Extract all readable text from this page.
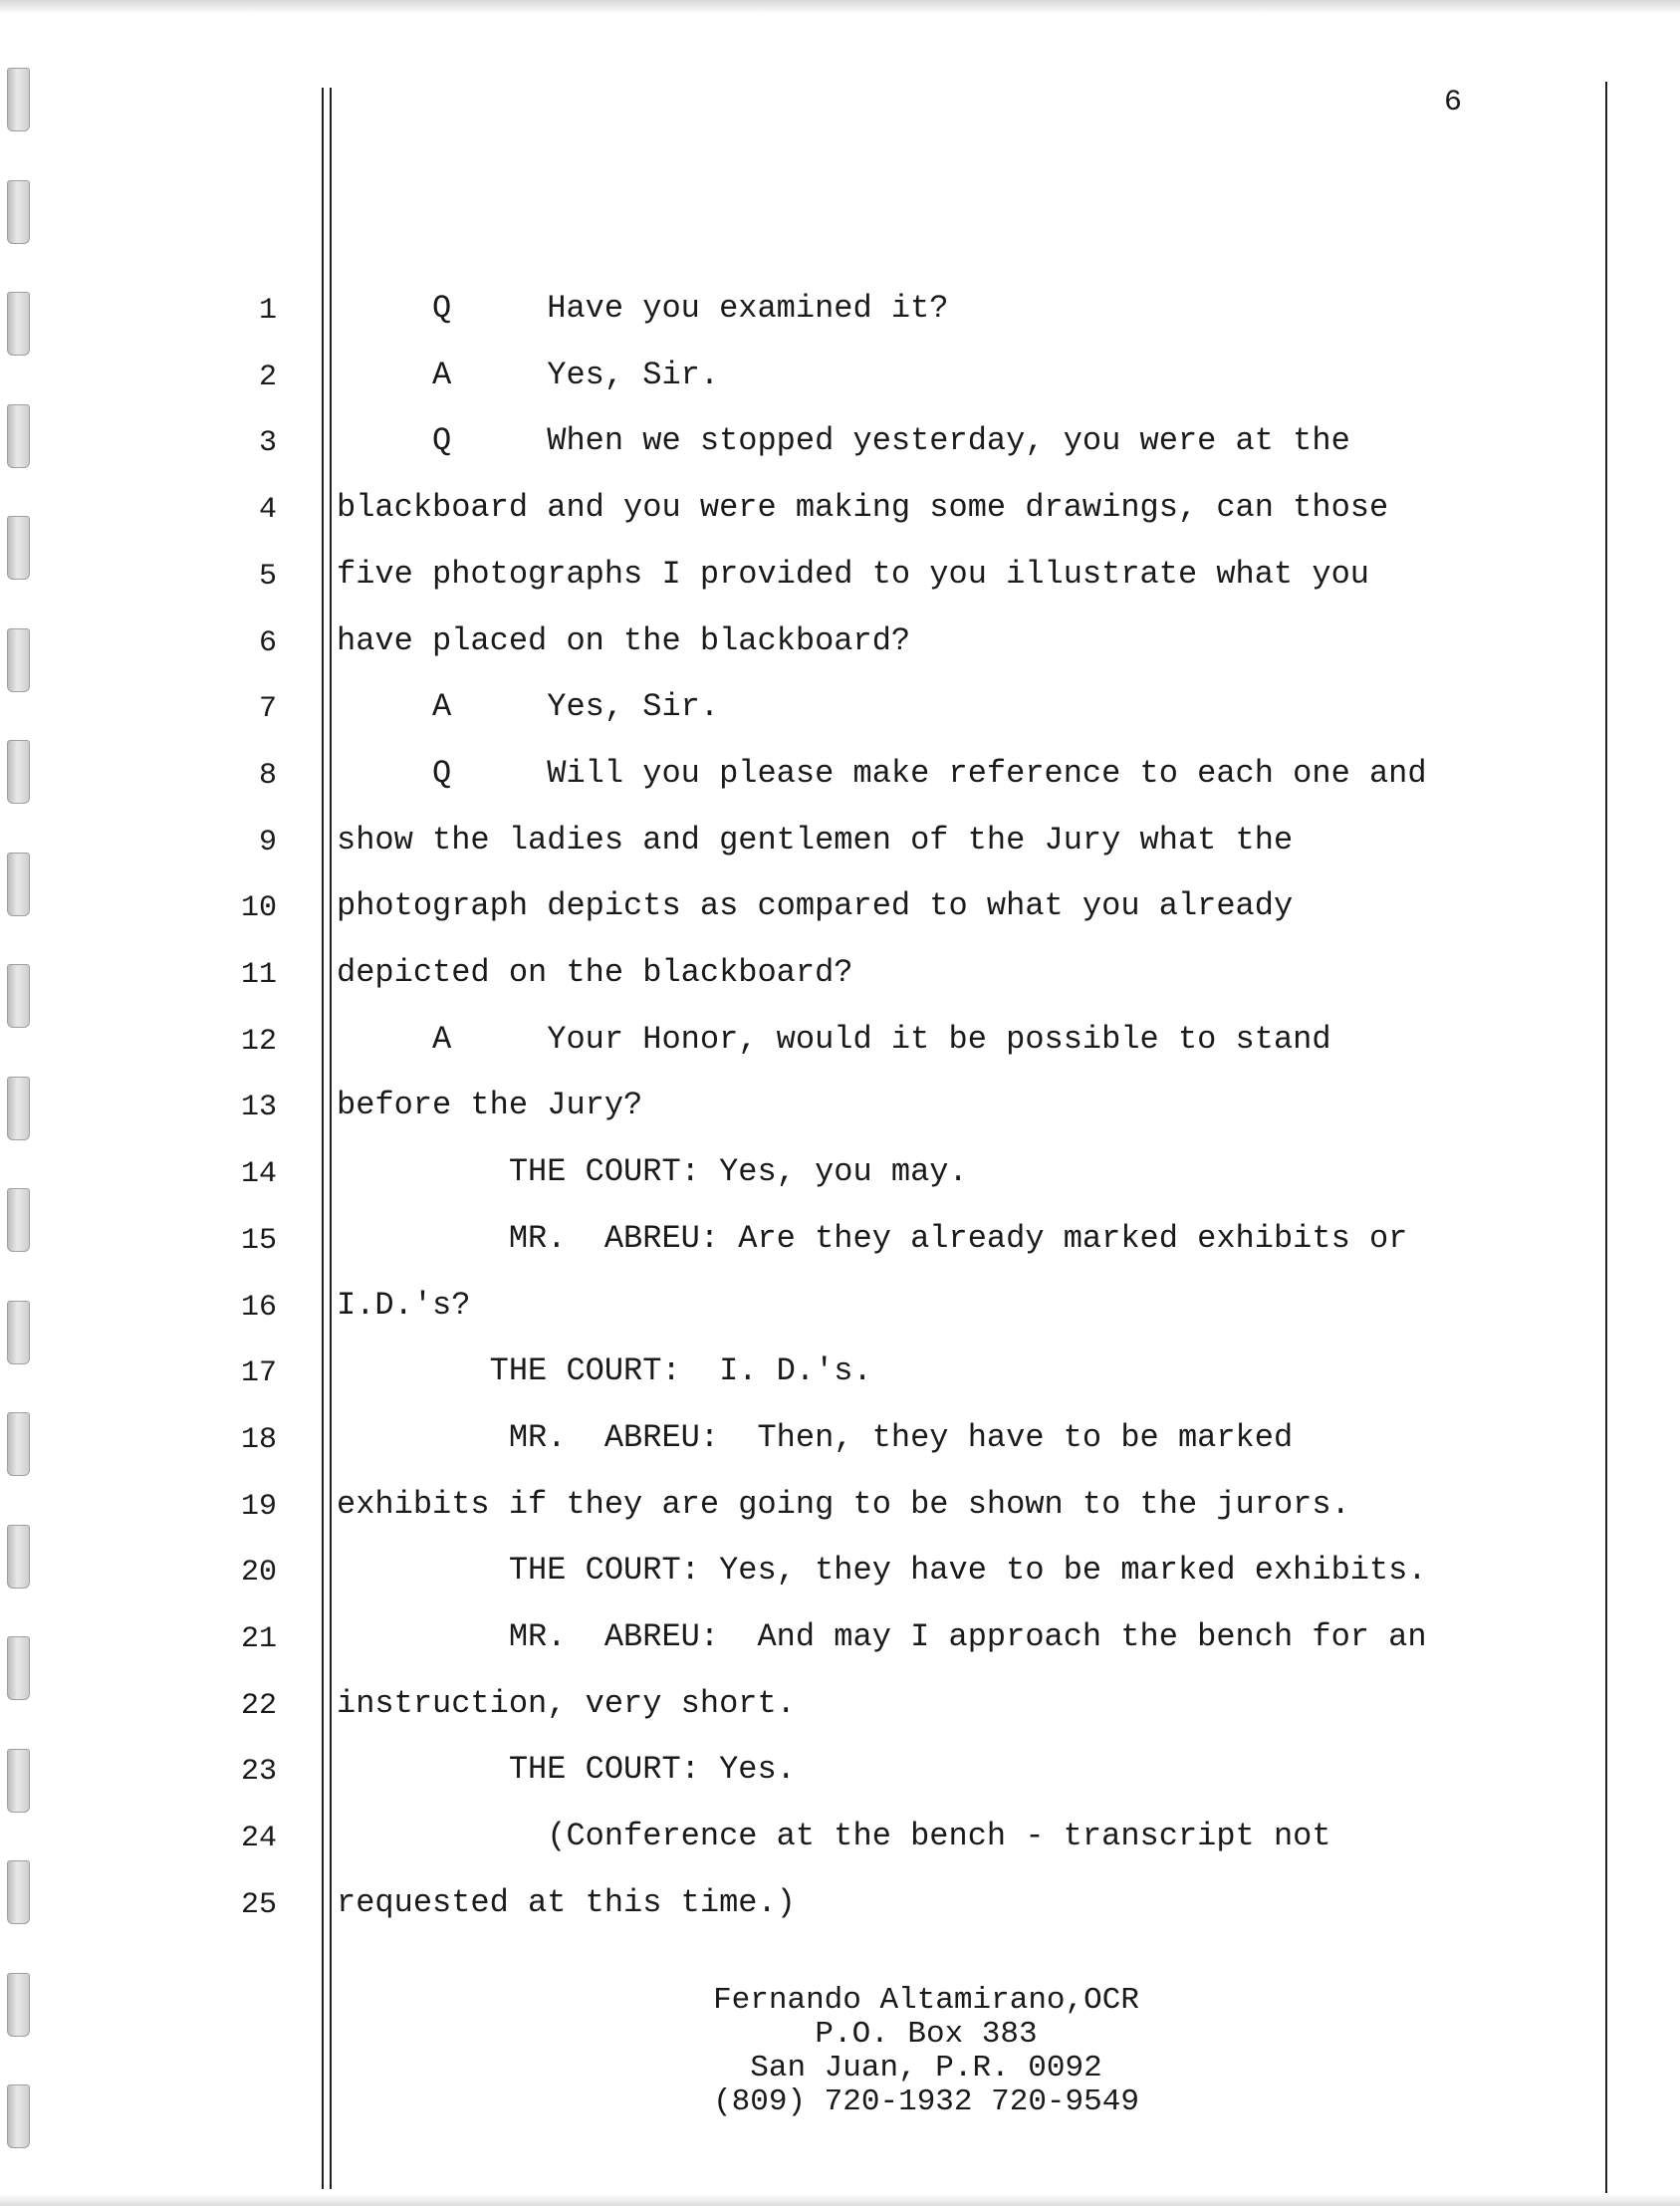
6
1 Q     Have you examined it?
2 A     Yes, Sir.
3 Q     When we stopped yesterday, you were at the
4 blackboard and you were making some drawings, can those
5 five photographs I provided to you illustrate what you
6 have placed on the blackboard?
7 A     Yes, Sir.
8 Q     Will you please make reference to each one and
9 show the ladies and gentlemen of the Jury what the
10 photograph depicts as compared to what you already
11 depicted on the blackboard?
12 A     Your Honor, would it be possible to stand
13 before the Jury?
14 THE COURT: Yes, you may.
15 MR.  ABREU: Are they already marked exhibits or
16 I.D.'s?
17 THE COURT:  I. D.'s.
18 MR.  ABREU:  Then, they have to be marked
19 exhibits if they are going to be shown to the jurors.
20 THE COURT: Yes, they have to be marked exhibits.
21 MR.  ABREU:  And may I approach the bench for an
22 instruction, very short.
23 THE COURT: Yes.
24 (Conference at the bench - transcript not
25 requested at this time.)
Fernando Altamirano,OCR
P.O. Box 383
San Juan, P.R. 0092
(809) 720-1932 720-9549
